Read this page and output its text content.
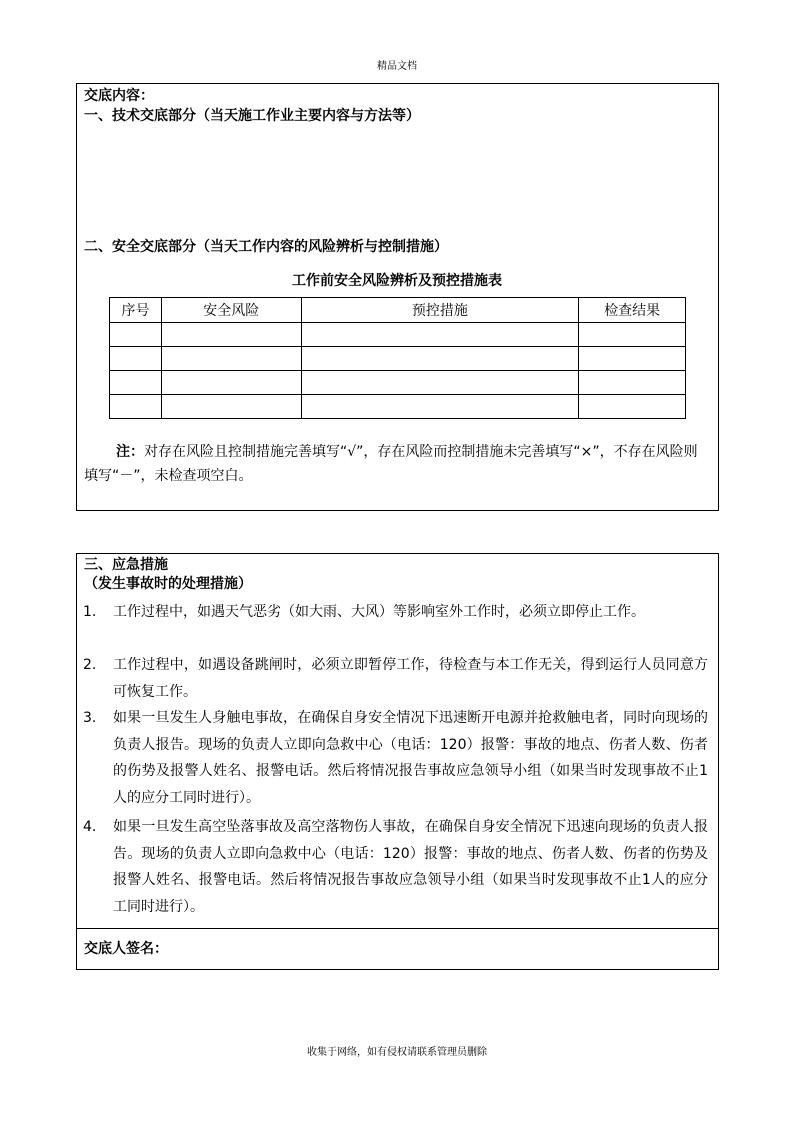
精品文档
交底内容：
一、技术交底部分（当天施工作业主要内容与方法等）
二、安全交底部分（当天工作内容的风险辨析与控制措施）
工作前安全风险辨析及预控措施表
序号	安全风险	预控措施	检查结果

注：对存在风险且控制措施完善填写“√”，存在风险而控制措施未完善填写“×”，不存在风险则填写“－”，未检查项空白。
三、应急措施
（发生事故时的处理措施）
1.	工作过程中，如遇天气恶劣（如大雨、大风）等影响室外工作时，必须立即停止工作。
2.	工作过程中，如遇设备跳闸时，必须立即暂停工作，待检查与本工作无关，得到运行人员同意方可恢复工作。
3.	如果一旦发生人身触电事故，在确保自身安全情况下迅速断开电源并抢救触电者，同时向现场的负责人报告。现场的负责人立即向急救中心（电话：120）报警：事故的地点、伤者人数、伤者的伤势及报警人姓名、报警电话。然后将情况报告事故应急领导小组（如果当时发现事故不止1人的应分工同时进行）。
4.	如果一旦发生高空坠落事故及高空落物伤人事故，在确保自身安全情况下迅速向现场的负责人报告。现场的负责人立即向急救中心（电话：120）报警：事故的地点、伤者人数、伤者的伤势及报警人姓名、报警电话。然后将情况报告事故应急领导小组（如果当时发现事故不止1人的应分工同时进行）。
交底人签名：
收集于网络，如有侵权请联系管理员删除
